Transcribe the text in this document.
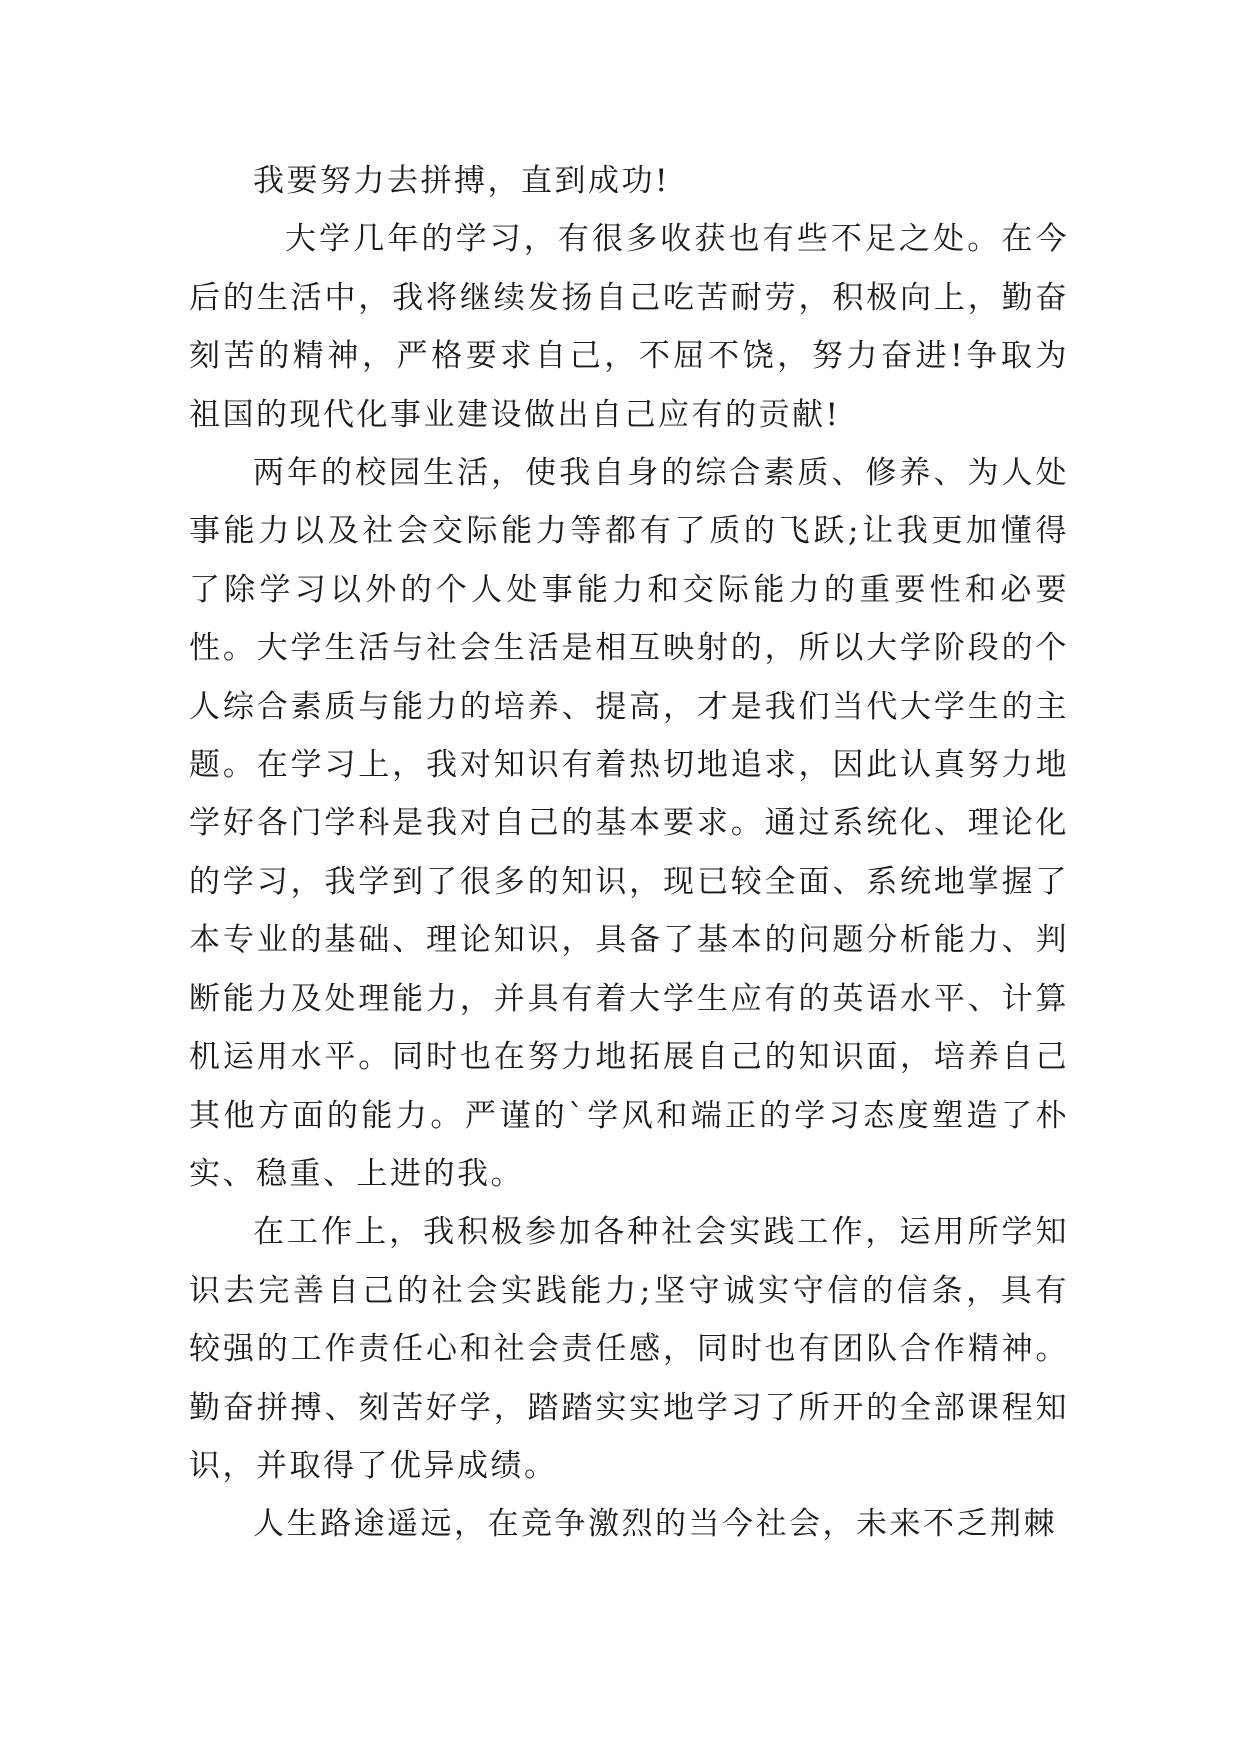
我要努力去拼搏，直到成功!

大学几年的学习，有很多收获也有些不足之处。在今后的生活中，我将继续发扬自己吃苦耐劳，积极向上，勤奋刻苦的精神，严格要求自己，不屈不饶，努力奋进!争取为祖国的现代化事业建设做出自己应有的贡献!

两年的校园生活，使我自身的综合素质、修养、为人处事能力以及社会交际能力等都有了质的飞跃;让我更加懂得了除学习以外的个人处事能力和交际能力的重要性和必要性。大学生活与社会生活是相互映射的，所以大学阶段的个人综合素质与能力的培养、提高，才是我们当代大学生的主题。在学习上，我对知识有着热切地追求，因此认真努力地学好各门学科是我对自己的基本要求。通过系统化、理论化的学习，我学到了很多的知识，现已较全面、系统地掌握了本专业的基础、理论知识，具备了基本的问题分析能力、判断能力及处理能力，并具有着大学生应有的英语水平、计算机运用水平。同时也在努力地拓展自己的知识面，培养自己其他方面的能力。严谨的`学风和端正的学习态度塑造了朴实、稳重、上进的我。

在工作上，我积极参加各种社会实践工作，运用所学知识去完善自己的社会实践能力;坚守诚实守信的信条，具有较强的工作责任心和社会责任感，同时也有团队合作精神。勤奋拼搏、刻苦好学，踏踏实实地学习了所开的全部课程知识，并取得了优异成绩。

人生路途遥远，在竞争激烈的当今社会，未来不乏荆棘
